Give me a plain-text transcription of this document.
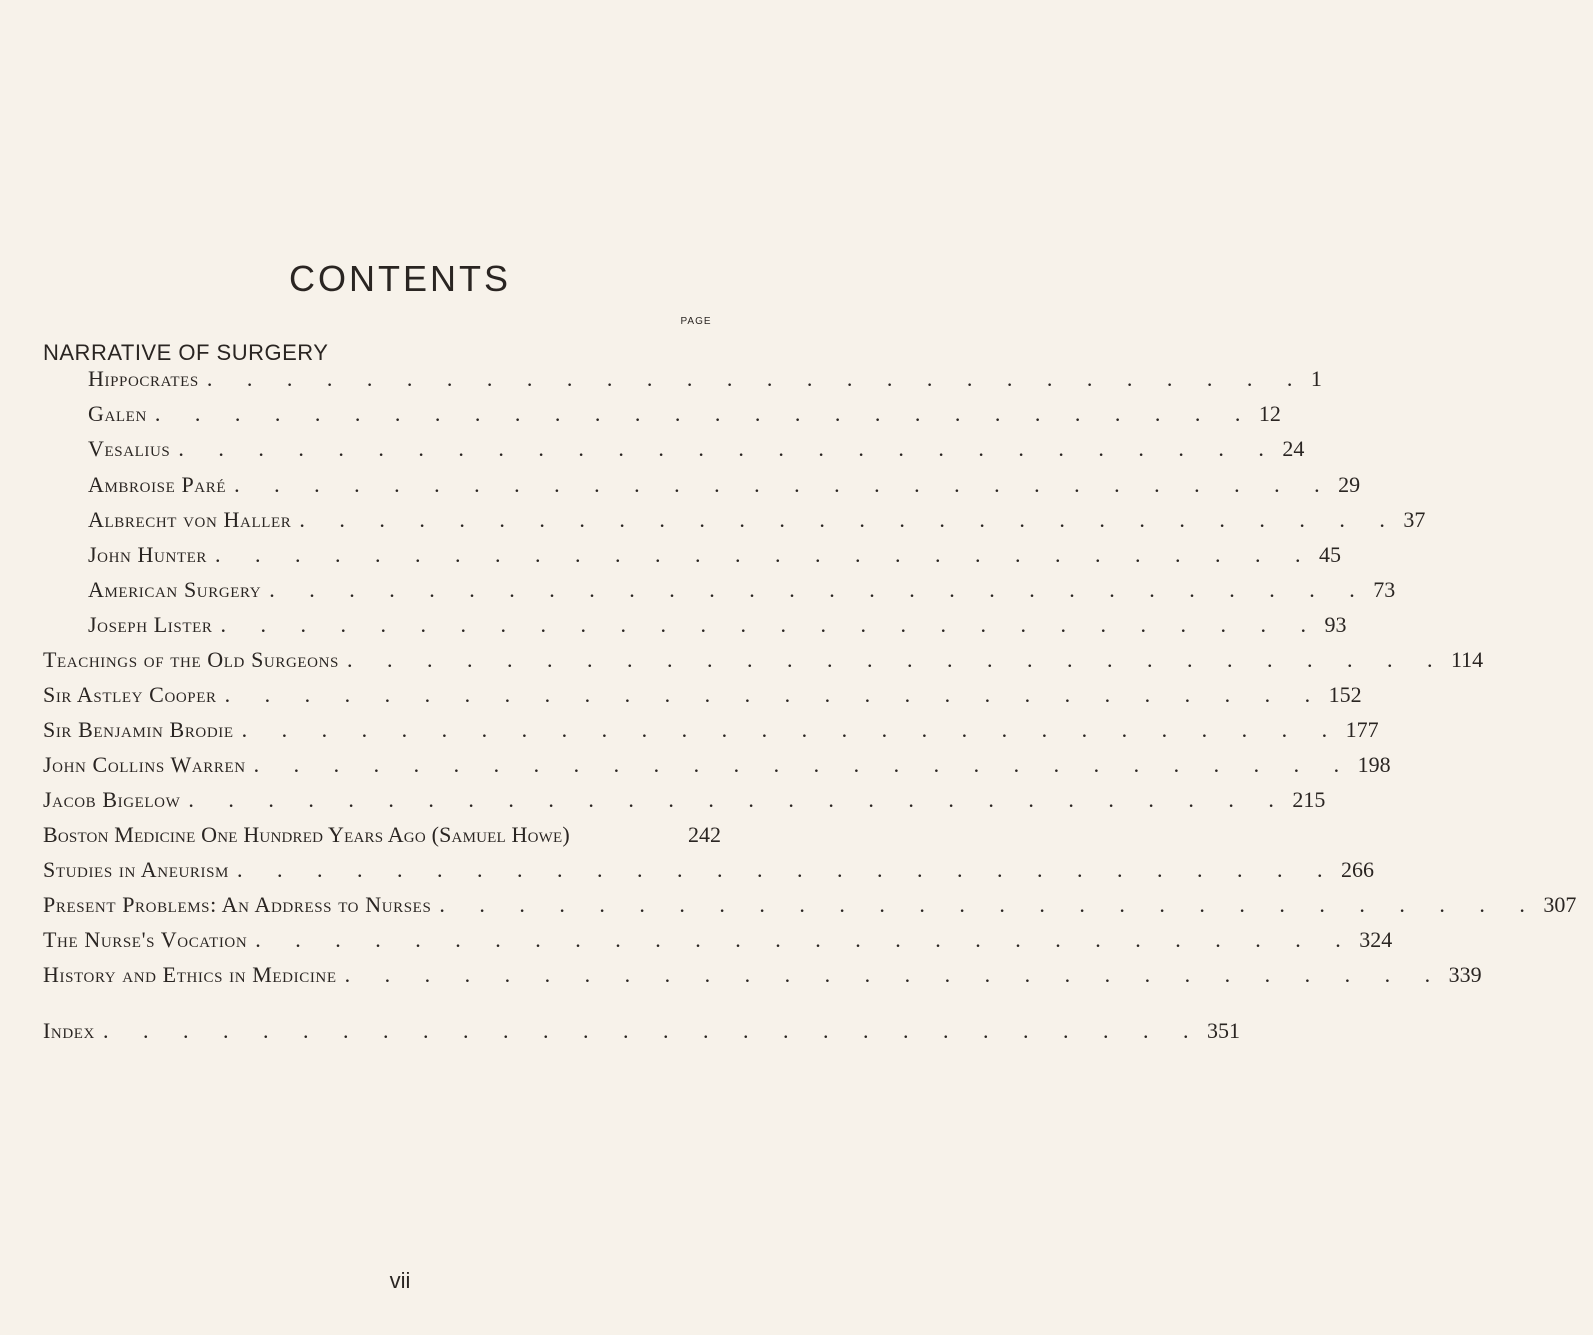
CONTENTS
PAGE
NARRATIVE OF SURGERY
Hippocrates . . . . . . . . . . . . . . . . . . . . . . . . . . . . 1
Galen . . . . . . . . . . . . . . . . . . . . . . . . . . . . 12
Vesalius . . . . . . . . . . . . . . . . . . . . . . . . . . . . 24
Ambroise Paré . . . . . . . . . . . . . . . . . . . . . . . . . . . . 29
Albrecht von Haller . . . . . . . . . . . . . . . . . . . . . . . . . . . . 37
John Hunter . . . . . . . . . . . . . . . . . . . . . . . . . . . . 45
American Surgery . . . . . . . . . . . . . . . . . . . . . . . . . . . . 73
Joseph Lister . . . . . . . . . . . . . . . . . . . . . . . . . . . . 93
Teachings of the Old Surgeons . . . . . . . . . . . . . . . . . . . . . . . . . . . . 114
Sir Astley Cooper . . . . . . . . . . . . . . . . . . . . . . . . . . . . 152
Sir Benjamin Brodie . . . . . . . . . . . . . . . . . . . . . . . . . . . . 177
John Collins Warren . . . . . . . . . . . . . . . . . . . . . . . . . . . . 198
Jacob Bigelow . . . . . . . . . . . . . . . . . . . . . . . . . . . . 215
Boston Medicine One Hundred Years Ago (Samuel Howe)	242
Studies in Aneurism . . . . . . . . . . . . . . . . . . . . . . . . . . . . 266
Present Problems: An Address to Nurses . . . . . . . . . . . . . . . . . . . . . . . . . . . . 307
The Nurse's Vocation . . . . . . . . . . . . . . . . . . . . . . . . . . . . 324
History and Ethics in Medicine . . . . . . . . . . . . . . . . . . . . . . . . . . . . 339
Index . . . . . . . . . . . . . . . . . . . . . . . . . . . . 351
vii
